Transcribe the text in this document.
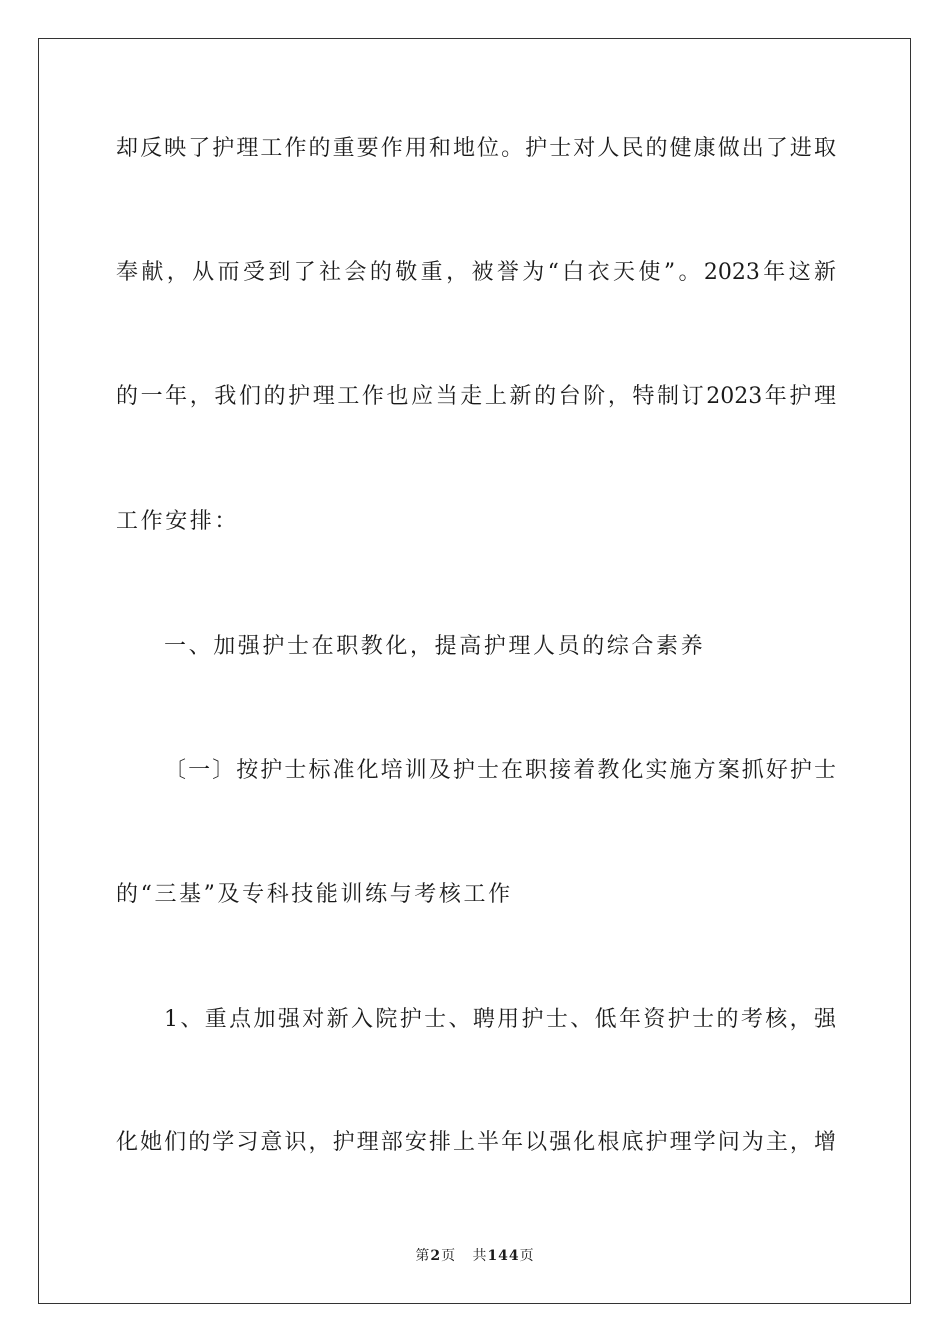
却反映了护理工作的重要作用和地位。护士对人民的健康做出了进取
奉献，从而受到了社会的敬重，被誉为“白衣天使”。2023年这新
的一年，我们的护理工作也应当走上新的台阶，特制订2023年护理
工作安排：
一、加强护士在职教化，提高护理人员的综合素养
〔一〕按护士标准化培训及护士在职接着教化实施方案抓好护士
的“三基”及专科技能训练与考核工作
1、重点加强对新入院护士、聘用护士、低年资护士的考核，强
化她们的学习意识，护理部安排上半年以强化根底护理学问为主，增
第2页 共144页
